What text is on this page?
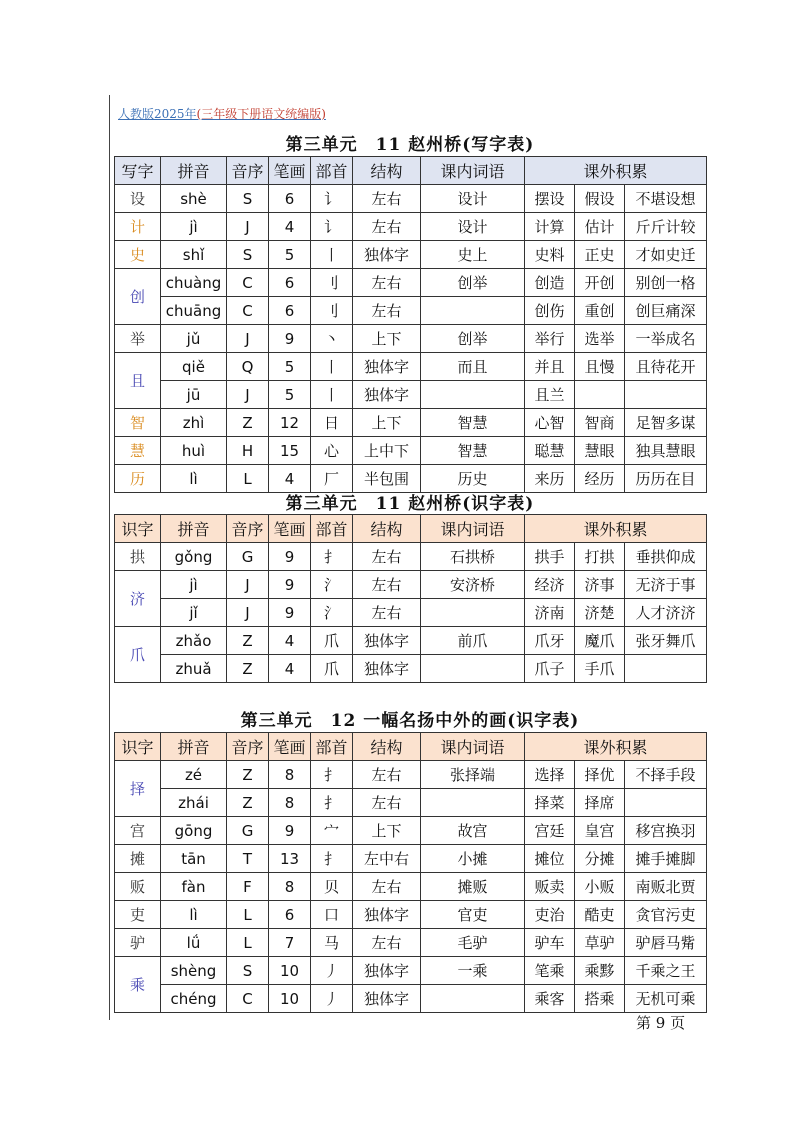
人教版2025年(三年级下册语文统编版)
第三单元　11 赵州桥(写字表)
写字	拼音	音序	笔画	部首	结构	课内词语	课外积累		
设	shè	S	6	讠	左右	设计	摆设	假设	不堪设想
计	jì	J	4	讠	左右	设计	计算	估计	斤斤计较
史	shǐ	S	5	丨	独体字	史上	史料	正史	才如史迁
创	chuàng	C	6	刂	左右	创举	创造	开创	别创一格
	chuāng	C	6	刂	左右		创伤	重创	创巨痛深
举	jǔ	J	9	丶	上下	创举	举行	选举	一举成名
且	qiě	Q	5	丨	独体字	而且	并且	且慢	且待花开
	jū	J	5	丨	独体字		且兰		
智	zhì	Z	12	日	上下	智慧	心智	智商	足智多谋
慧	huì	H	15	心	上中下	智慧	聪慧	慧眼	独具慧眼
历	lì	L	4	厂	半包围	历史	来历	经历	历历在目
第三单元　11 赵州桥(识字表)
识字	拼音	音序	笔画	部首	结构	课内词语	课外积累		
拱	gǒng	G	9	扌	左右	石拱桥	拱手	打拱	垂拱仰成
济	jì	J	9	氵	左右	安济桥	经济	济事	无济于事
	jǐ	J	9	氵	左右		济南	济楚	人才济济
爪	zhǎo	Z	4	爪	独体字	前爪	爪牙	魔爪	张牙舞爪
	zhuǎ	Z	4	爪	独体字		爪子	手爪	
第三单元　12 一幅名扬中外的画(识字表)
识字	拼音	音序	笔画	部首	结构	课内词语	课外积累		
择	zé	Z	8	扌	左右	张择端	选择	择优	不择手段
	zhái	Z	8	扌	左右		择菜	择席	
宫	gōng	G	9	宀	上下	故宫	宫廷	皇宫	移宫换羽
摊	tān	T	13	扌	左中右	小摊	摊位	分摊	摊手摊脚
贩	fàn	F	8	贝	左右	摊贩	贩卖	小贩	南贩北贾
吏	lì	L	6	口	独体字	官吏	吏治	酷吏	贪官污吏
驴	lǘ	L	7	马	左右	毛驴	驴车	草驴	驴唇马觜
乘	shèng	S	10	丿	独体字	一乘	笔乘	乘黟	千乘之王
	chéng	C	10	丿	独体字		乘客	搭乘	无机可乘
第 9 页
